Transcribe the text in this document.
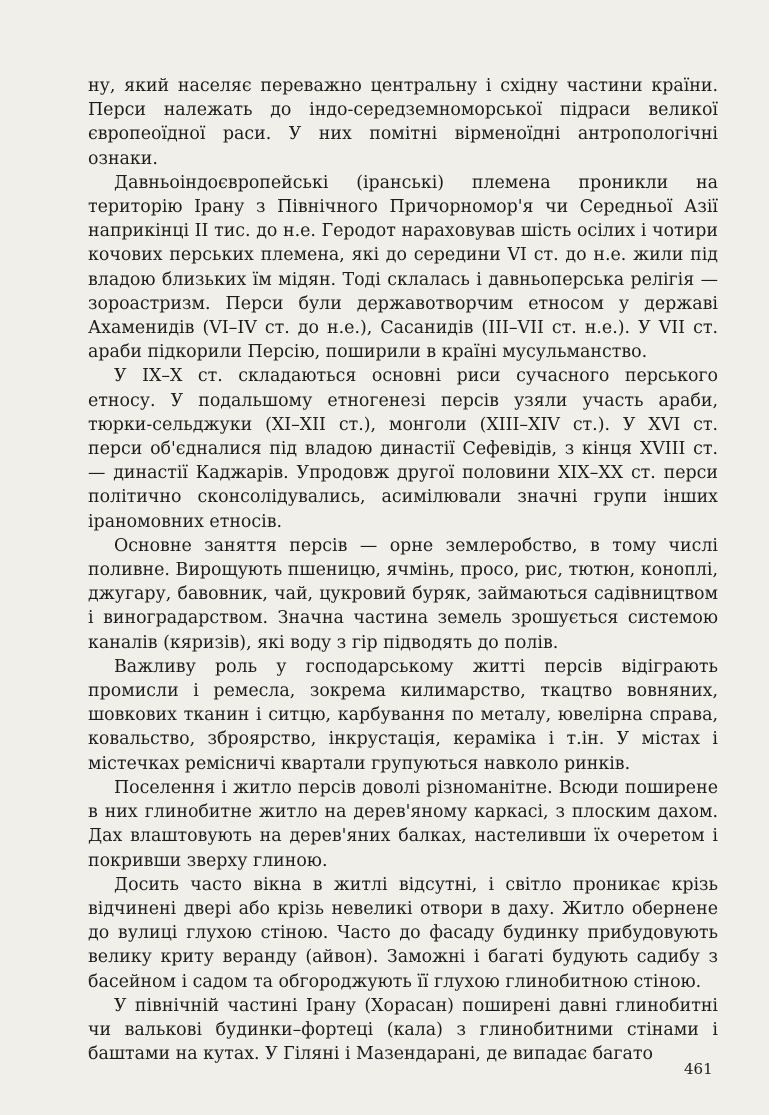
ну, який населяє переважно центральну і східну частини країни. Перси належать до індо-середземноморської підраси великої європеоїдної раси. У них помітні вірменоїдні антропологічні ознаки.

Давньоіндоєвропейські (іранські) племена проникли на територію Ірану з Північного Причорномор'я чи Середньої Азії наприкінці II тис. до н.е. Геродот нараховував шість осілих і чотири кочових перських племена, які до середини VI ст. до н.е. жили під владою близьких їм мідян. Тоді склалась і давньоперська релігія — зороастризм. Перси були державотворчим етносом у державі Ахаменидів (VI–IV ст. до н.е.), Сасанидів (III–VII ст. н.е.). У VII ст. араби підкорили Персію, поширили в країні мусульманство.

У IX–X ст. складаються основні риси сучасного перського етносу. У подальшому етногенезі персів узяли участь араби, тюрки-сельджуки (XI–XII ст.), монголи (XIII–XIV ст.). У XVI ст. перси об'єдналися під владою династії Сефевідів, з кінця XVIII ст. — династії Каджарів. Упродовж другої половини XIX–XX ст. перси політично сконсолідувались, асимілювали значні групи інших іраномовних етносів.

Основне заняття персів — орне землеробство, в тому числі поливне. Вирощують пшеницю, ячмінь, просо, рис, тютюн, коноплі, джугару, бавовник, чай, цукровий буряк, займаються садівництвом і виноградарством. Значна частина земель зрошується системою каналів (кяризів), які воду з гір підводять до полів.

Важливу роль у господарському житті персів відіграють промисли і ремесла, зокрема килимарство, ткацтво вовняних, шовкових тканин і ситцю, карбування по металу, ювелірна справа, ковальство, зброярство, інкрустація, кераміка і т.ін. У містах і містечках ремісничі квартали групуються навколо ринків.

Поселення і житло персів доволі різноманітне. Всюди поширене в них глинобитне житло на дерев'яному каркасі, з плоским дахом. Дах влаштовують на дерев'яних балках, настеливши їх очеретом і покривши зверху глиною.

Досить часто вікна в житлі відсутні, і світло проникає крізь відчинені двері або крізь невеликі отвори в даху. Житло обернене до вулиці глухою стіною. Часто до фасаду будинку прибудовують велику криту веранду (айвон). Заможні і багаті будують садибу з басейном і садом та обгороджують її глухою глинобитною стіною.

У північній частині Ірану (Хорасан) поширені давні глинобитні чи валькові будинки–фортеці (кала) з глинобитними стінами і баштами на кутах. У Гіляні і Мазендарані, де випадає багато

461
